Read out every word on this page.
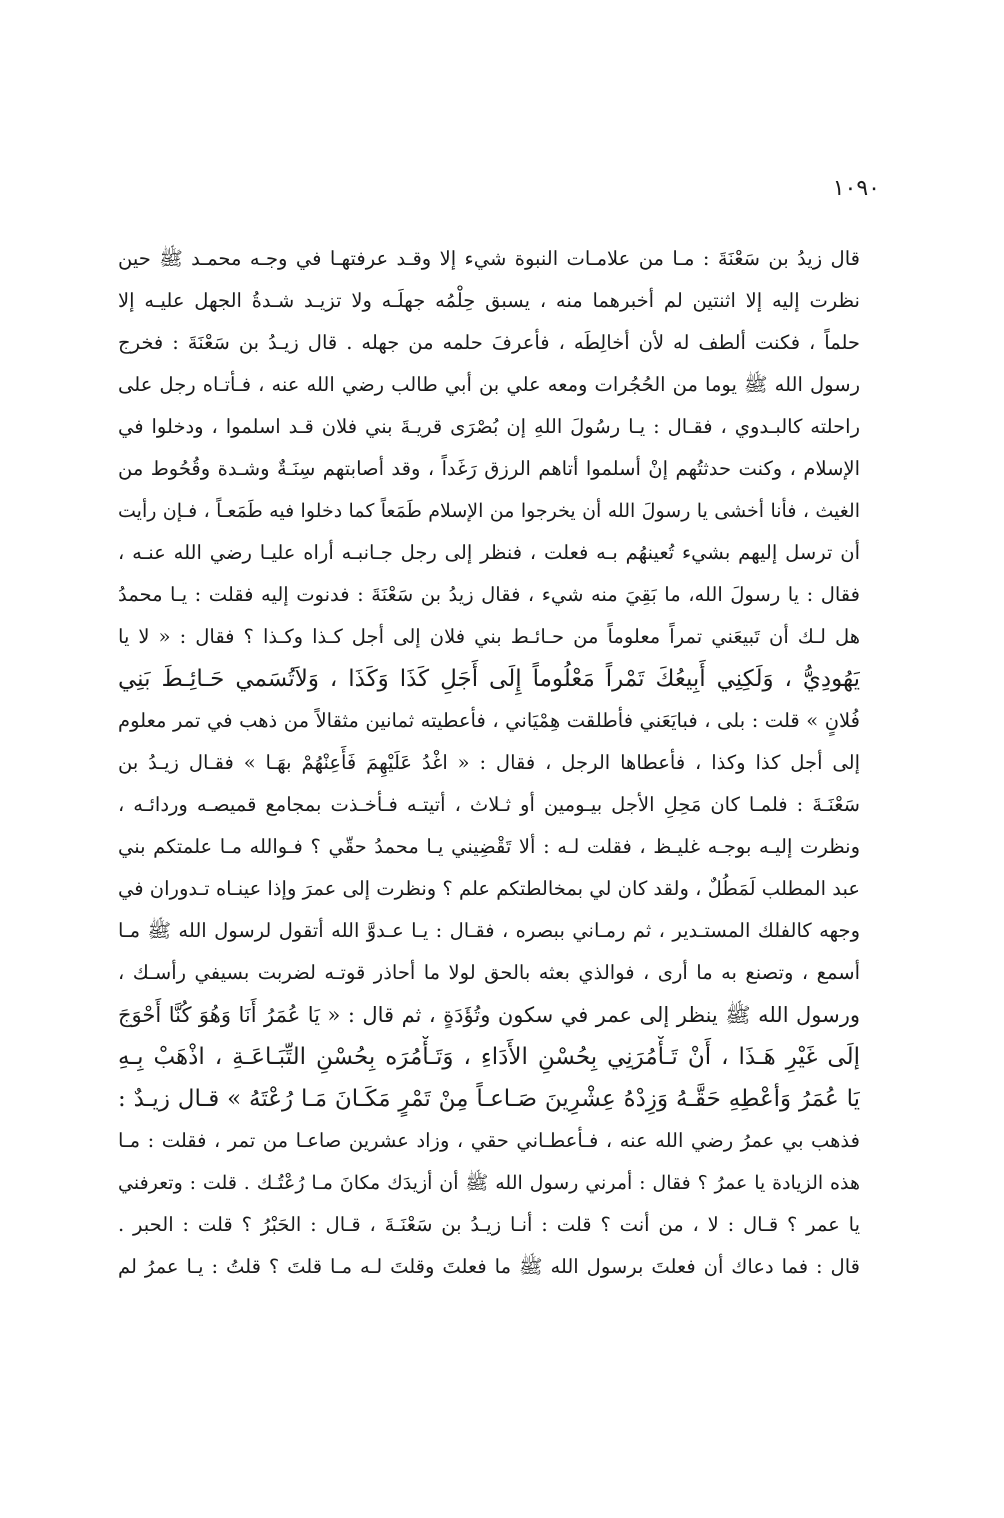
١٠٩٠
قال زيدُ بن سَعْنَةَ : مـا من علامـات النبوة شيء إلا وقـد عرفتهـا في وجـه محمـد ﷺ حين
نظرت إليه إلا اثنتين لم أخبرهما منه ، يسبق حِلْمُه جهلَـه ولا تزيـد شـدةُ الجهل عليـه إلا
حلماً ، فكنت ألطف له لأن أخالِطَه ، فأعرفَ حلمه من جهله . قال زيـدُ بن سَعْنَةَ : فخرج
رسول الله ﷺ يوما من الحُجُرات ومعه علي بن أبي طالب رضي الله عنه ، فـأتـاه رجل على
راحلته كالبـدوي ، فقـال : يـا رسُولَ اللهِ إن بُصْرَى قريـةَ بني فلان قـد اسلموا ، ودخلوا في
الإسلام ، وكنت حدثتُهم إنْ أسلموا أتاهم الرزق رَغَداً ، وقد أصابتهم سِنَـةٌ وشـدة وقُحُوط من
الغيث ، فأنا أخشى يا رسولَ الله أن يخرجوا من الإسلام طَمَعاً كما دخلوا فيه طَمَعـاً ، فـإن رأيت
أن ترسل إليهم بشيء تُعينهُم بـه فعلت ، فنظر إلى رجل جـانبـه أراه عليـا رضي الله عنـه ،
فقال : يا رسولَ الله، ما بَقِيَ منه شيء ، فقال زيدُ بن سَعْنَةَ : فدنوت إليه فقلت : يـا محمدُ
هل لـك أن تَبيعَني تمراً معلوماً من حـائـط بني فلان إلى أجل كـذا وكـذا ؟ فقال : « لا يا
يَهُودِيُّ ، وَلَكِنِي أَبِيعُكَ تَمْراً مَعْلُوماً إِلَى أَجَلِ كَذَا وَكَذَا ، وَلاَتُسَمي حَـائِـطَ بَنِي
فُلانٍ » قلت : بلى ، فبايَعَني فأطلقت هِمْيَاني ، فأعطيته ثمانين مثقالاً من ذهب في تمر معلوم
إلى أجل كذا وكذا ، فأعطاها الرجل ، فقال : « اغْدُ عَلَيْهِمَ فَأَعِنْهُمْ بهَـا » فقـال زيـدُ بن
سَعْنَـةَ : فلمـا كان مَحِلِ الأجل بيـومين أو ثـلاث ، أتيتـه فـأخـذت بمجامع قميصـه وردائـه ،
ونظرت إليـه بوجـه غليـظ ، فقلت لـه : ألا تَقْضِيني يـا محمدُ حقّي ؟ فـوالله مـا علمتكم بني
عبد المطلب لَمَطُلٌ ، ولقد كان لي بمخالطتكم علم ؟ ونظرت إلى عمرَ وإذا عينـاه تـدوران في
وجهه كالفلك المستـدير ، ثم رمـاني ببصره ، فقـال : يـا عـدوَّ الله أتقول لرسول الله ﷺ مـا
أسمع ، وتصنع به ما أرى ، فوالذي بعثه بالحق لولا ما أحاذر قوتـه لضربت بسيفي رأسـك ،
ورسول الله ﷺ ينظر إلى عمر في سكون وتُؤَدَةٍ ، ثم قال : « يَا عُمَرُ أَنَا وَهُوَ كُنَّا أَحْوَجَ
إلَى غَيْرِ هَـذَا ، أَنْ تَـأْمُرَنِي بِحُسْنِ الأَدَاءِ ، وَتَـأْمُرَه بِحُسْنِ التِّبَـاعَـةِ ، اذْهَبْ بِـهِ
يَا عُمَرُ وَأعْطِهِ حَقَّـهُ وَزِدْهُ عِشْرِينَ صَـاعـاً مِنْ تَمْرٍ مَكَـانَ مَـا رُعْتَهُ » قـال زيـدٌ :
فذهب بي عمرُ رضي الله عنه ، فـأعطـاني حقي ، وزاد عشرين صاعـا من تمر ، فقلت : مـا
هذه الزيادة يا عمرُ ؟ فقال : أمرني رسول الله ﷺ أن أزيدَك مكانَ مـا رُعْتُـك . قلت : وتعرفني
يا عمر ؟ قـال : لا ، من أنت ؟ قلت : أنـا زيـدُ بن سَعْنَـةَ ، قـال : الحَبْرُ ؟ قلت : الحبر .
قال : فما دعاك أن فعلتَ برسول الله ﷺ ما فعلتَ وقلتَ لـه مـا قلتَ ؟ قلتُ : يـا عمرُ لم
